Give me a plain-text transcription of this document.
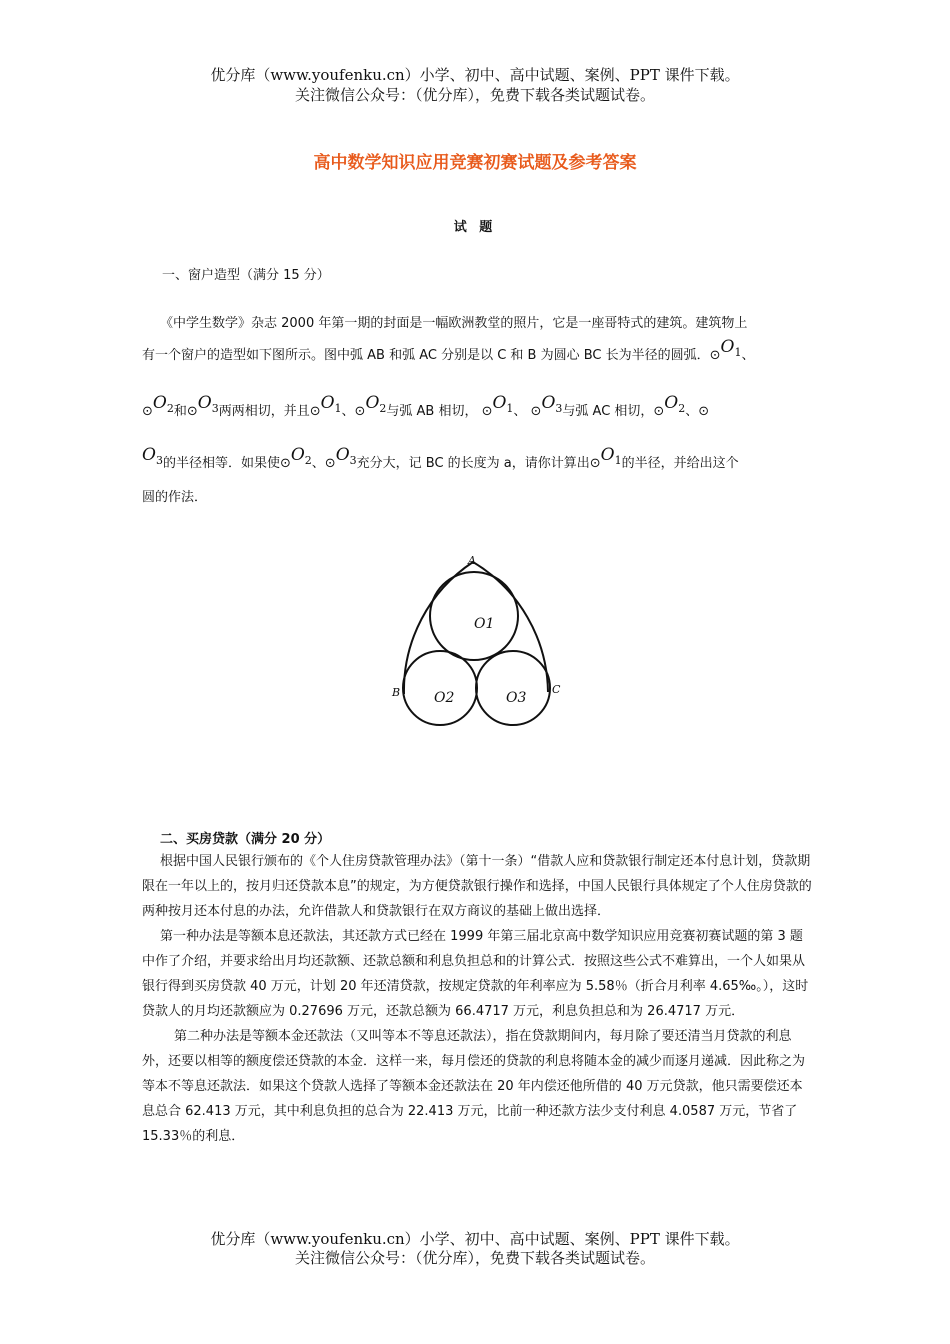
优分库（www.youfenku.cn）小学、初中、高中试题、案例、PPT 课件下载。
关注微信公众号：（优分库），免费下载各类试题试卷。
高中数学知识应用竞赛初赛试题及参考答案
试 题
一、窗户造型（满分 15 分）
《中学生数学》杂志 2000 年第一期的封面是一幅欧洲教堂的照片，它是一座哥特式的建筑。建筑物上
有一个窗户的造型如下图所示。图中弧 AB 和弧 AC 分别是以 C 和 B 为圆心 BC 长为半径的圆弧．$⊙O_1$、
$⊙O_2$和$⊙O_3$两两相切，并且$⊙O_1$、$⊙O_2$与弧 AB 相切， $⊙O_1$、 $⊙O_3$与弧 AC 相切，$⊙O_2$、⊙
$O_3$的半径相等．如果使$⊙O_2$、$⊙O_3$充分大，记 BC 的长度为 a，请你计算出$⊙O_1$的半径，并给出这个
圆的作法．
A
B	C
O1
O2	O3
二、买房贷款（满分 20 分）

根据中国人民银行颁布的《个人住房贷款管理办法》（第十一条）“借款人应和贷款银行制定还本付息计划，贷款期限在一年以上的，按月归还贷款本息”的规定，为方便贷款银行操作和选择，中国人民银行具体规定了个人住房贷款的两种按月还本付息的办法，允许借款人和贷款银行在双方商议的基础上做出选择．

第一种办法是等额本息还款法，其还款方式已经在 1999 年第三届北京高中数学知识应用竞赛初赛试题的第 3 题中作了介绍，并要求给出月均还款额、还款总额和利息负担总和的计算公式．按照这些公式不难算出，一个人如果从银行得到买房贷款 40 万元，计划 20 年还清贷款，按规定贷款的年利率应为 5.58％（折合月利率 4.65‰。），这时贷款人的月均还款额应为 0.27696 万元，还款总额为 66.4717 万元，利息负担总和为 26.4717 万元．

第二种办法是等额本金还款法（又叫等本不等息还款法），指在贷款期间内，每月除了要还清当月贷款的利息外，还要以相等的额度偿还贷款的本金．这样一来，每月偿还的贷款的利息将随本金的减少而逐月递减．因此称之为等本不等息还款法．如果这个贷款人选择了等额本金还款法在 20 年内偿还他所借的 40 万元贷款，他只需要偿还本息总合 62.413 万元，其中利息负担的总合为 22.413 万元，比前一种还款方法少支付利息 4.0587 万元，节省了 15.33％的利息．

优分库（www.youfenku.cn）小学、初中、高中试题、案例、PPT 课件下载。
关注微信公众号：（优分库），免费下载各类试题试卷。
